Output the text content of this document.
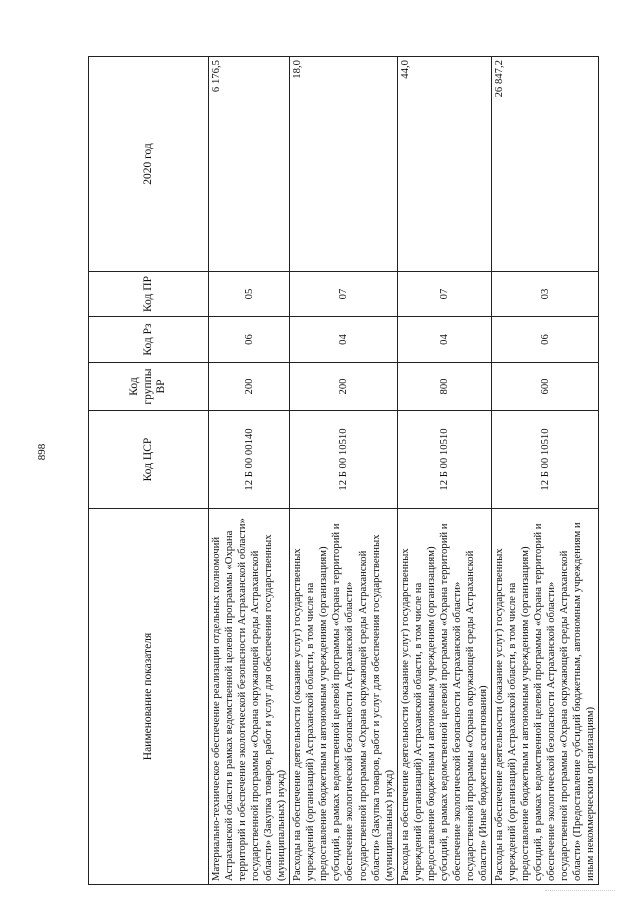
898
Наименование показателя	Код ЦСР	Код группы ВР	Код Рз	Код ПР	2020 год
Материально-техническое обеспечение реализации отдельных полномочий Астраханской области в рамках ведомственной целевой программы «Охрана территорий и обеспечение экологической безопасности Астраханской области» государственной программы «Охрана окружающей среды Астраханской области» (Закупка товаров, работ и услуг для обеспечения государственных (муниципальных) нужд)	12 Б 00 00140	200	06	05	6 176,5
Расходы на обеспечение деятельности (оказание услуг) государственных учреждений (организаций) Астраханской области, в том числе на предоставление бюджетным и автономным учреждениям (организациям) субсидий, в рамках ведомственной целевой программы «Охрана территорий и обеспечение экологической безопасности Астраханской области» государственной программы «Охрана окружающей среды Астраханской области» (Закупка товаров, работ и услуг для обеспечения государственных (муниципальных) нужд)	12 Б 00 10510	200	04	07	18,0
Расходы на обеспечение деятельности (оказание услуг) государственных учреждений (организаций) Астраханской области, в том числе на предоставление бюджетным и автономным учреждениям (организациям) субсидий, в рамках ведомственной целевой программы «Охрана территорий и обеспечение экологической безопасности Астраханской области» государственной программы «Охрана окружающей среды Астраханской области» (Иные бюджетные ассигнования)	12 Б 00 10510	800	04	07	44,0
Расходы на обеспечение деятельности (оказание услуг) государственных учреждений (организаций) Астраханской области, в том числе на предоставление бюджетным и автономным учреждениям (организациям) субсидий, в рамках ведомственной целевой программы «Охрана территорий и обеспечение экологической безопасности Астраханской области» государственной программы «Охрана окружающей среды Астраханской области» (Предоставление субсидий бюджетным, автономным учреждениям и иным некоммерческим организациям)	12 Б 00 10510	600	06	03	26 847,2
